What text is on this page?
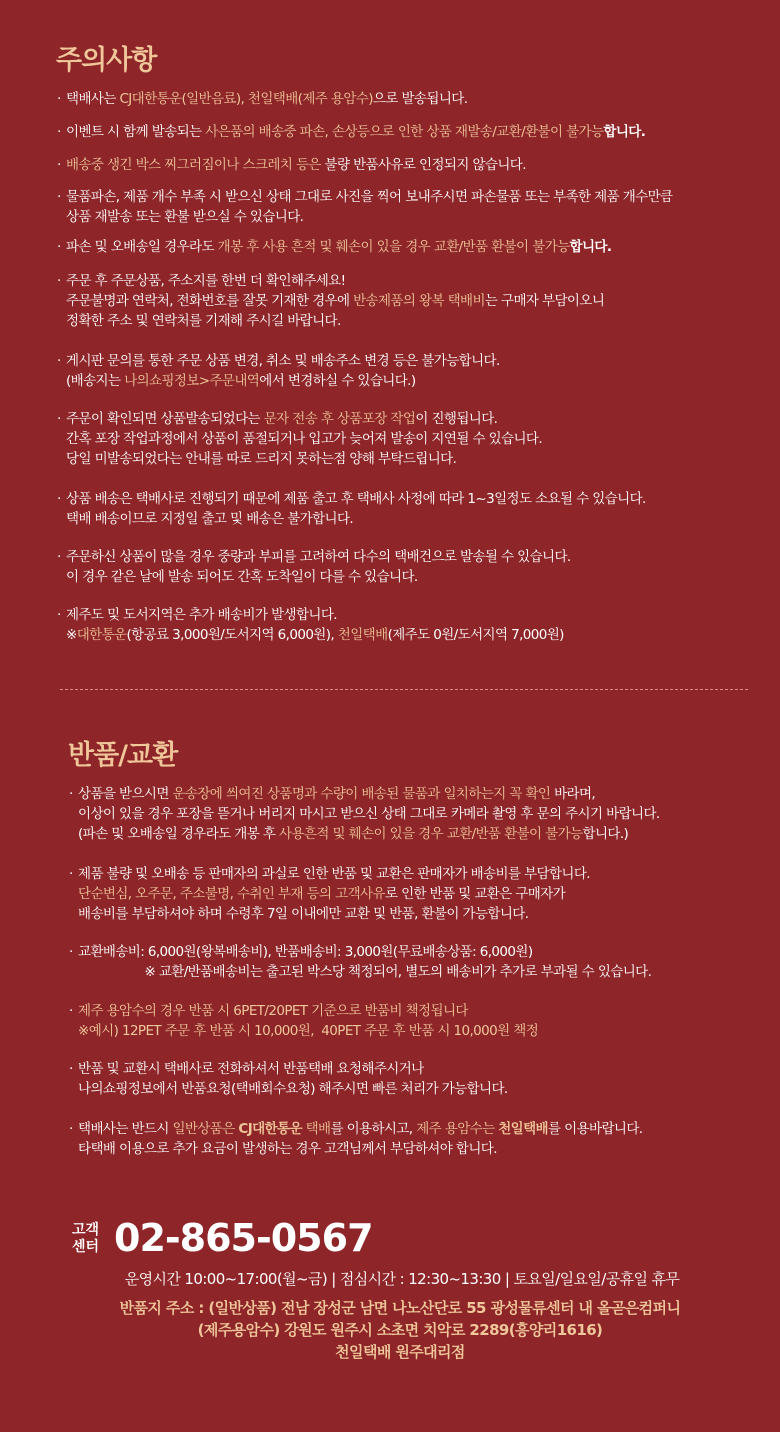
주의사항
· 택배사는 CJ대한통운(일반음료), 천일택배(제주 용암수)으로 발송됩니다.
· 이벤트 시 함께 발송되는 사은품의 배송중 파손, 손상등으로 인한 상품 재발송/교환/환불이 불가능합니다.
· 배송중 생긴 박스 찌그러짐이나 스크레치 등은 불량 반품사유로 인정되지 않습니다.
· 물품파손, 제품 개수 부족 시 받으신 상태 그대로 사진을 찍어 보내주시면 파손물품 또는 부족한 제품 개수만큼
상품 재발송 또는 환불 받으실 수 있습니다.
· 파손 및 오배송일 경우라도 개봉 후 사용 흔적 및 훼손이 있을 경우 교환/반품 환불이 불가능합니다.
· 주문 후 주문상품, 주소지를 한번 더 확인해주세요!
주문불명과 연락처, 전화번호를 잘못 기재한 경우에 반송제품의 왕복 택배비는 구매자 부담이오니
정확한 주소 및 연락처를 기재해 주시길 바랍니다.
· 게시판 문의를 통한 주문 상품 변경, 취소 및 배송주소 변경 등은 불가능합니다.
(배송지는 나의쇼핑정보>주문내역에서 변경하실 수 있습니다.)
· 주문이 확인되면 상품발송되었다는 문자 전송 후 상품포장 작업이 진행됩니다.
간혹 포장 작업과정에서 상품이 품절되거나 입고가 늦어져 발송이 지연될 수 있습니다.
당일 미발송되었다는 안내를 따로 드리지 못하는점 양해 부탁드립니다.
· 상품 배송은 택배사로 진행되기 때문에 제품 출고 후 택배사 사정에 따라 1~3일정도 소요될 수 있습니다.
택배 배송이므로 지정일 출고 및 배송은 불가합니다.
· 주문하신 상품이 많을 경우 중량과 부피를 고려하여 다수의 택배건으로 발송될 수 있습니다.
이 경우 같은 날에 발송 되어도 간혹 도착일이 다를 수 있습니다.
· 제주도 및 도서지역은 추가 배송비가 발생합니다.
※대한통운(항공료 3,000원/도서지역 6,000원), 천일택배(제주도 0원/도서지역 7,000원)
반품/교환
· 상품을 받으시면 운송장에 씌여진 상품명과 수량이 배송된 물품과 일치하는지 꼭 확인 바라며,
이상이 있을 경우 포장을 뜯거나 버리지 마시고 받으신 상태 그대로 카메라 촬영 후 문의 주시기 바랍니다.
(파손 및 오배송일 경우라도 개봉 후 사용흔적 및 훼손이 있을 경우 교환/반품 환불이 불가능합니다.)
· 제품 불량 및 오배송 등 판매자의 과실로 인한 반품 및 교환은 판매자가 배송비를 부담합니다.
단순변심, 오주문, 주소불명, 수취인 부재 등의 고객사유로 인한 반품 및 교환은 구매자가
배송비를 부담하셔야 하며 수령후 7일 이내에만 교환 및 반품, 환불이 가능합니다.
· 교환배송비: 6,000원(왕복배송비), 반품배송비: 3,000원(무료배송상품: 6,000원)
※ 교환/반품배송비는 출고된 박스당 책정되어, 별도의 배송비가 추가로 부과될 수 있습니다.
· 제주 용암수의 경우 반품 시 6PET/20PET 기준으로 반품비 책정됩니다
※예시) 12PET 주문 후 반품 시 10,000원,  40PET 주문 후 반품 시 10,000원 책정
· 반품 및 교환시 택배사로 전화하셔서 반품택배 요청해주시거나
나의쇼핑정보에서 반품요청(택배회수요청) 해주시면 빠른 처리가 가능합니다.
· 택배사는 반드시 일반상품은 CJ대한통운 택배를 이용하시고, 제주 용암수는 천일택배를 이용바랍니다.
타택배 이용으로 추가 요금이 발생하는 경우 고객님께서 부담하셔야 합니다.
고객
센터 02-865-0567
운영시간 10:00~17:00(월~금) | 점심시간 : 12:30~13:30 | 토요일/일요일/공휴일 휴무
반품지 주소 : (일반상품) 전남 장성군 남면 나노산단로 55 광성물류센터 내 올곧은컴퍼니
(제주용암수) 강원도 원주시 소초면 치악로 2289(흥양리1616)
천일택배 원주대리점
